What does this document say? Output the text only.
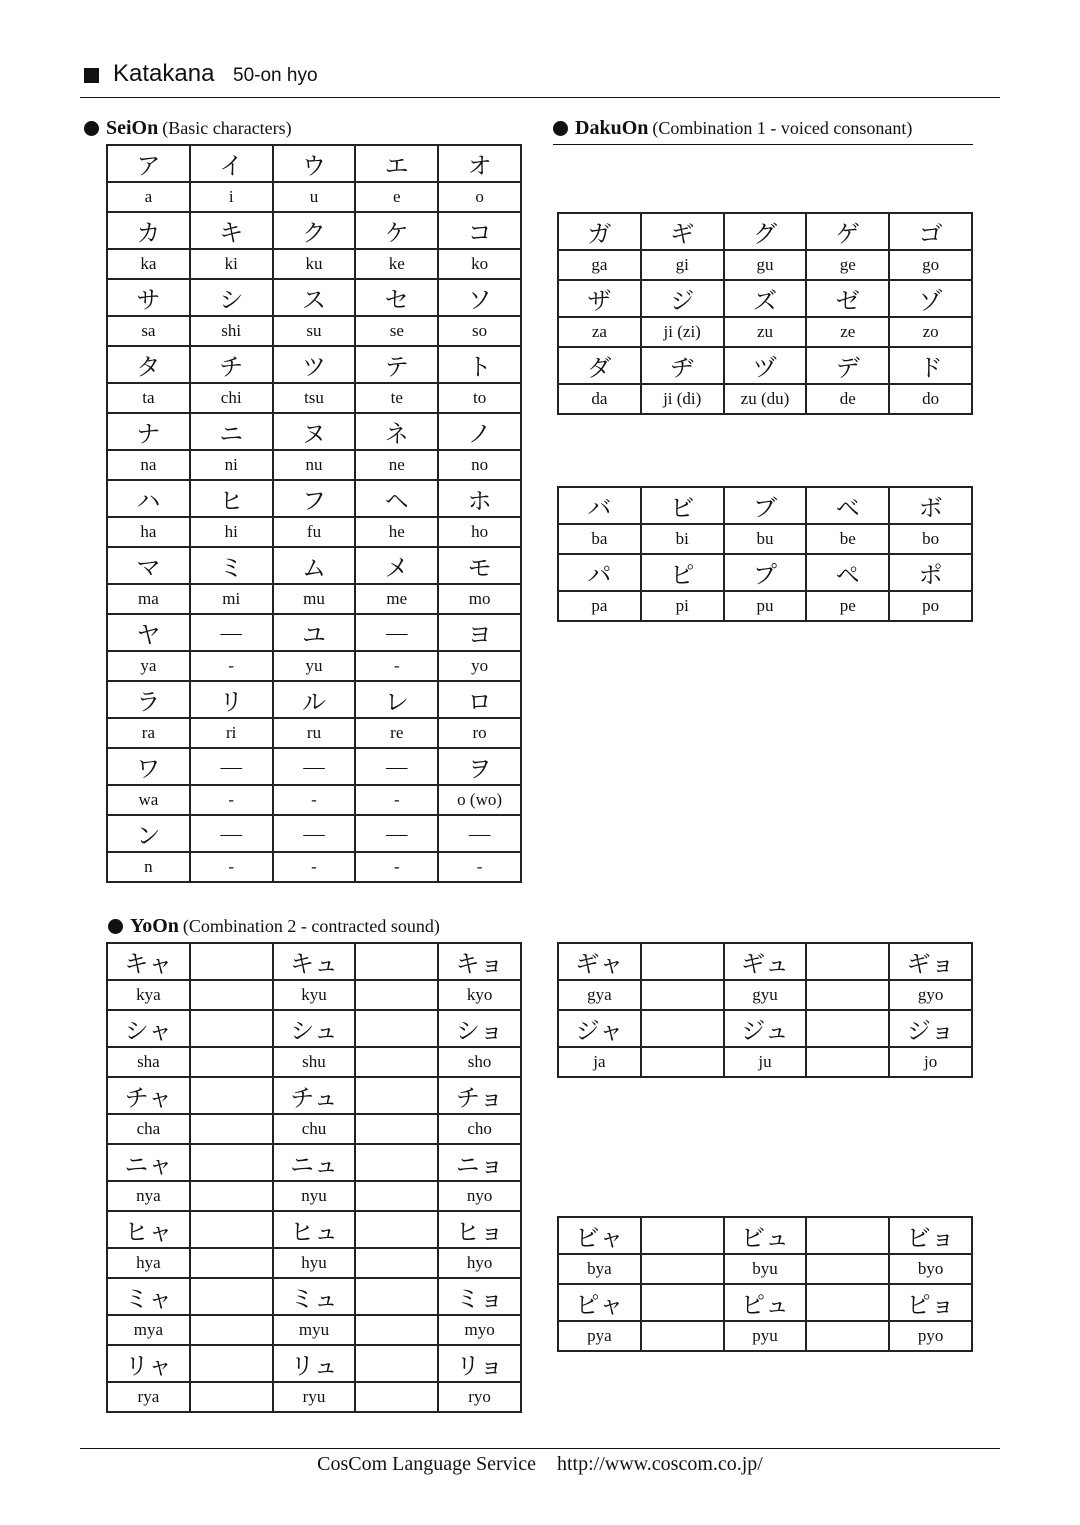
Katakana 50-on hyo
SeiOn (Basic characters)
ア	イ	ウ	エ	オ
a	i	u	e	o
カ	キ	ク	ケ	コ
ka	ki	ku	ke	ko
サ	シ	ス	セ	ソ
sa	shi	su	se	so
タ	チ	ツ	テ	ト
ta	chi	tsu	te	to
ナ	ニ	ヌ	ネ	ノ
na	ni	nu	ne	no
ハ	ヒ	フ	ヘ	ホ
ha	hi	fu	he	ho
マ	ミ	ム	メ	モ
ma	mi	mu	me	mo
ヤ	—	ユ	—	ヨ
ya	-	yu	-	yo
ラ	リ	ル	レ	ロ
ra	ri	ru	re	ro
ワ	—	—	—	ヲ
wa	-	-	-	o (wo)
ン	—	—	—	—
n	-	-	-	-
DakuOn (Combination 1 - voiced consonant)
ガ	ギ	グ	ゲ	ゴ
ga	gi	gu	ge	go
ザ	ジ	ズ	ゼ	ゾ
za	ji (zi)	zu	ze	zo
ダ	ヂ	ヅ	デ	ド
da	ji (di)	zu (du)	de	do
バ	ビ	ブ	ベ	ボ
ba	bi	bu	be	bo
パ	ピ	プ	ペ	ポ
pa	pi	pu	pe	po
YoOn (Combination 2 - contracted sound)
キャ		キュ		キョ
kya		kyu		kyo
シャ		シュ		ショ
sha		shu		sho
チャ		チュ		チョ
cha		chu		cho
ニャ		ニュ		ニョ
nya		nyu		nyo
ヒャ		ヒュ		ヒョ
hya		hyu		hyo
ミャ		ミュ		ミョ
mya		myu		myo
リャ		リュ		リョ
rya		ryu		ryo
ギャ		ギュ		ギョ
gya		gyu		gyo
ジャ		ジュ		ジョ
ja		ju		jo
ビャ		ビュ		ビョ
bya		byu		byo
ピャ		ピュ		ピョ
pya		pyu		pyo
CosCom Language Service http://www.coscom.co.jp/
